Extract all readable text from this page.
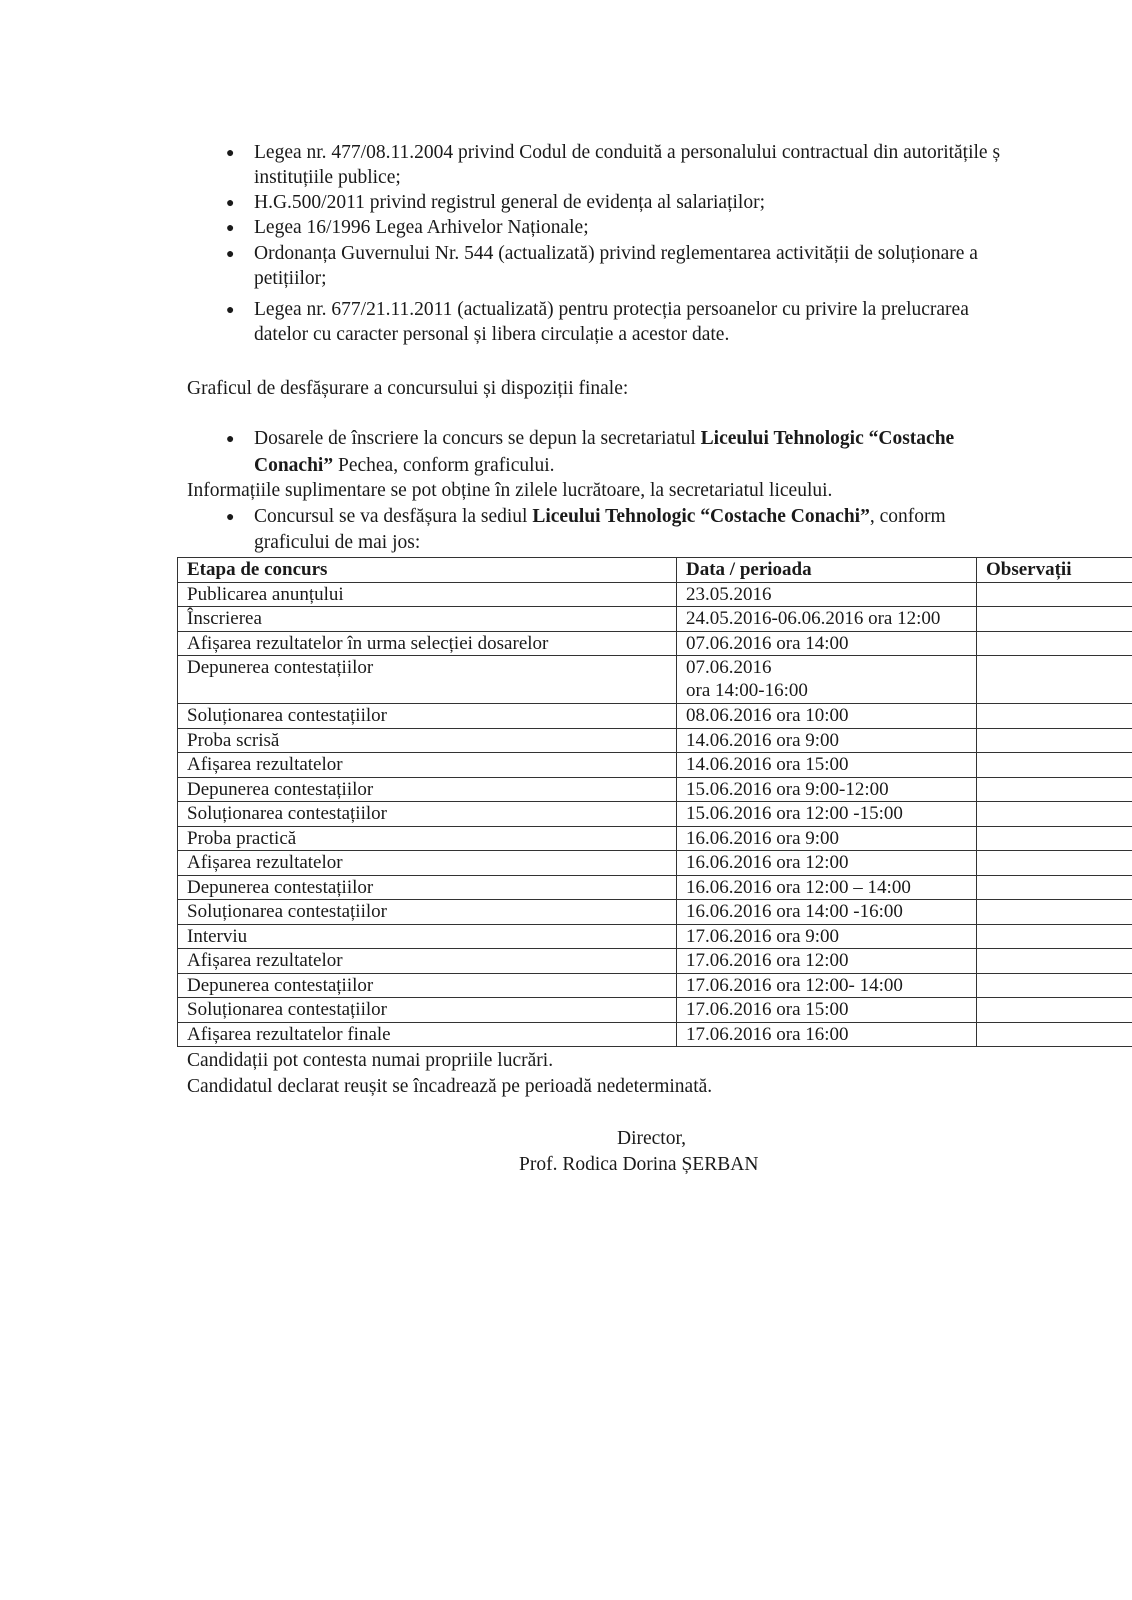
● Legea nr. 477/08.11.2004 privind Codul de conduită a personalului contractual din autoritățile ș
instituțiile publice;
● H.G.500/2011 privind registrul general de evidența al salariaților;
● Legea 16/1996 Legea Arhivelor Naționale;
● Ordonanța Guvernului Nr. 544 (actualizată) privind reglementarea activității de soluționare a
petițiilor;
● Legea nr. 677/21.11.2011 (actualizată) pentru protecția persoanelor cu privire la prelucrarea
datelor cu caracter personal și libera circulație a acestor date.
Graficul de desfășurare a concursului și dispoziții finale:
● Dosarele de înscriere la concurs se depun la secretariatul Liceului Tehnologic “Costache
Conachi” Pechea, conform graficului.
Informațiile suplimentare se pot obține în zilele lucrătoare, la secretariatul liceului.
● Concursul se va desfășura la sediul Liceului Tehnologic “Costache Conachi”, conform
graficului de mai jos:
Etapa de concurs	Data / perioada	Observații
Publicarea anunțului	23.05.2016	
Înscrierea	24.05.2016-06.06.2016 ora 12:00	
Afișarea rezultatelor în urma selecției dosarelor	07.06.2016 ora 14:00	
Depunerea contestațiilor	07.06.2016
ora 14:00-16:00	

Soluționarea contestațiilor	08.06.2016 ora 10:00	
Proba scrisă	14.06.2016 ora 9:00	
Afișarea rezultatelor	14.06.2016 ora 15:00	
Depunerea contestațiilor	15.06.2016 ora 9:00-12:00	
Soluționarea contestațiilor	15.06.2016 ora 12:00 -15:00	
Proba practică	16.06.2016 ora 9:00	
Afișarea rezultatelor	16.06.2016 ora 12:00	
Depunerea contestațiilor	16.06.2016 ora 12:00 – 14:00	
Soluționarea contestațiilor	16.06.2016 ora 14:00 -16:00	
Interviu	17.06.2016 ora 9:00	
Afișarea rezultatelor	17.06.2016 ora 12:00	
Depunerea contestațiilor	17.06.2016 ora 12:00- 14:00	
Soluționarea contestațiilor	17.06.2016 ora 15:00	
Afișarea rezultatelor finale	17.06.2016 ora 16:00	
Candidații pot contesta numai propriile lucrări.
Candidatul declarat reușit se încadrează pe perioadă nedeterminată.
Director,
Prof. Rodica Dorina ȘERBAN
